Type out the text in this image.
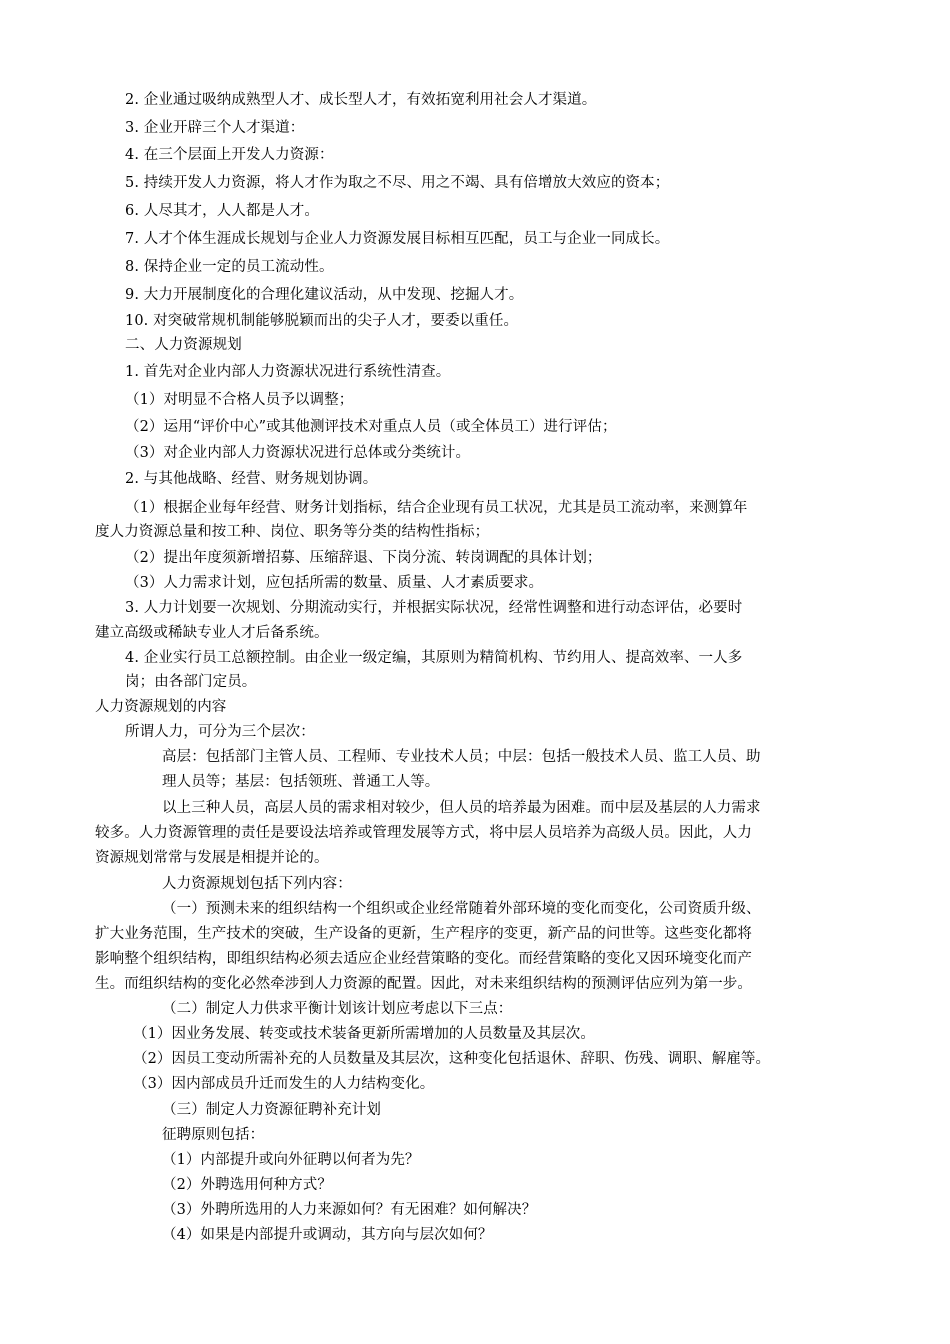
2. 企业通过吸纳成熟型人才、成长型人才，有效拓宽利用社会人才渠道。
3. 企业开辟三个人才渠道：
4. 在三个层面上开发人力资源：
5. 持续开发人力资源，将人才作为取之不尽、用之不竭、具有倍增放大效应的资本；
6. 人尽其才，人人都是人才。
7. 人才个体生涯成长规划与企业人力资源发展目标相互匹配，员工与企业一同成长。
8. 保持企业一定的员工流动性。
9. 大力开展制度化的合理化建议活动，从中发现、挖掘人才。
10. 对突破常规机制能够脱颖而出的尖子人才，要委以重任。
二、人力资源规划
1. 首先对企业内部人力资源状况进行系统性清查。
（1）对明显不合格人员予以调整；
（2）运用“评价中心”或其他测评技术对重点人员（或全体员工）进行评估；
（3）对企业内部人力资源状况进行总体或分类统计。
2. 与其他战略、经营、财务规划协调。
（1）根据企业每年经营、财务计划指标，结合企业现有员工状况，尤其是员工流动率，来测算年
度人力资源总量和按工种、岗位、职务等分类的结构性指标；
（2）提出年度须新增招募、压缩辞退、下岗分流、转岗调配的具体计划；
（3）人力需求计划，应包括所需的数量、质量、人才素质要求。
3. 人力计划要一次规划、分期流动实行，并根据实际状况，经常性调整和进行动态评估，必要时
建立高级或稀缺专业人才后备系统。
4. 企业实行员工总额控制。由企业一级定编，其原则为精简机构、节约用人、提高效率、一人多
岗；由各部门定员。
人力资源规划的内容
所谓人力，可分为三个层次：
高层：包括部门主管人员、工程师、专业技术人员；中层：包括一般技术人员、监工人员、助
理人员等；基层：包括领班、普通工人等。
以上三种人员，高层人员的需求相对较少，但人员的培养最为困难。而中层及基层的人力需求
较多。人力资源管理的责任是要设法培养或管理发展等方式，将中层人员培养为高级人员。因此，人力
资源规划常常与发展是相提并论的。
人力资源规划包括下列内容：
（一）预测未来的组织结构一个组织或企业经常随着外部环境的变化而变化，公司资质升级、
扩大业务范围，生产技术的突破，生产设备的更新，生产程序的变更，新产品的问世等。这些变化都将
影响整个组织结构，即组织结构必须去适应企业经营策略的变化。而经营策略的变化又因环境变化而产
生。而组织结构的变化必然牵涉到人力资源的配置。因此，对未来组织结构的预测评估应列为第一步。
（二）制定人力供求平衡计划该计划应考虑以下三点：
（1）因业务发展、转变或技术装备更新所需增加的人员数量及其层次。
（2）因员工变动所需补充的人员数量及其层次，这种变化包括退休、辞职、伤残、调职、解雇等。
（3）因内部成员升迁而发生的人力结构变化。
（三）制定人力资源征聘补充计划
征聘原则包括：
（1）内部提升或向外征聘以何者为先？
（2）外聘选用何种方式？
（3）外聘所选用的人力来源如何？有无困难？如何解决？
（4）如果是内部提升或调动，其方向与层次如何？
